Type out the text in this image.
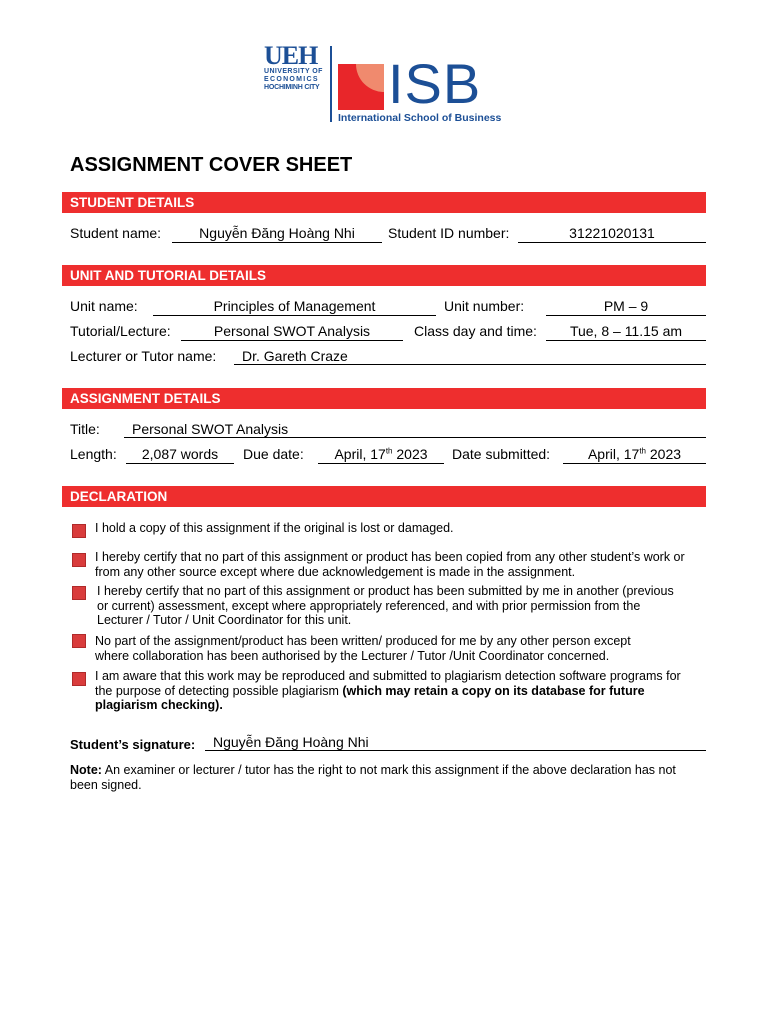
UEH
UNIVERSITY OF
ECONOMICS
HOCHIMINH CITY ISB
International School of Business
ASSIGNMENT COVER SHEET
STUDENT DETAILS
Student name:	Nguyễn Đăng Hoàng Nhi	Student ID number:	31221020131
UNIT AND TUTORIAL DETAILS
Unit name:	Principles of Management	Unit number:	PM – 9
Tutorial/Lecture:	Personal SWOT Analysis	Class day and time:	Tue, 8 – 11.15 am
Lecturer or Tutor name:	Dr. Gareth Craze
ASSIGNMENT DETAILS
Title:	Personal SWOT Analysis
Length:	2,087 words	Due date:	April, 17th 2023	Date submitted:	April, 17th 2023
DECLARATION
I hold a copy of this assignment if the original is lost or damaged.
I hereby certify that no part of this assignment or product has been copied from any other student’s work or from any other source except where due acknowledgement is made in the assignment.
I hereby certify that no part of this assignment or product has been submitted by me in another (previous or current) assessment, except where appropriately referenced, and with prior permission from the Lecturer / Tutor / Unit Coordinator for this unit.
No part of the assignment/product has been written/ produced for me by any other person except where collaboration has been authorised by the Lecturer / Tutor /Unit Coordinator concerned.
I am aware that this work may be reproduced and submitted to plagiarism detection software programs for the purpose of detecting possible plagiarism (which may retain a copy on its database for future plagiarism checking).
Student’s signature:	Nguyễn Đăng Hoàng Nhi
Note: An examiner or lecturer / tutor has the right to not mark this assignment if the above declaration has not been signed.
